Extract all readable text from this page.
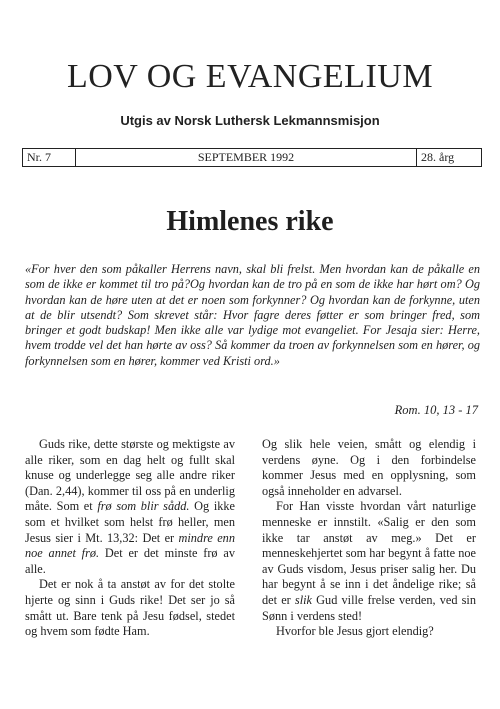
LOV OG EVANGELIUM
Utgis av Norsk Luthersk Lekmannsmisjon
Nr. 7	SEPTEMBER 1992	28. årg
Himlenes rike
«For hver den som påkaller Herrens navn, skal bli frelst. Men hvordan kan de påkalle en som de ikke er kommet til tro på?Og hvordan kan de tro på en som de ikke har hørt om? Og hvordan kan de høre uten at det er noen som forkynner? Og hvordan kan de forkynne, uten at de blir utsendt? Som skrevet står: Hvor fagre deres føtter er som bringer fred, som bringer et godt budskap! Men ikke alle var lydige mot evangeliet. For Jesaja sier: Herre, hvem trodde vel det han hørte av oss? Så kommer da troen av forkynnelsen som en hører, og forkynnelsen som en hører, kommer ved Kristi ord.»
Rom. 10, 13 - 17

Guds rike, dette største og mektigste av alle riker, som en dag helt og fullt skal knuse og underlegge seg alle andre riker (Dan. 2,44), kommer til oss på en underlig måte. Som et frø som blir sådd. Og ikke som et hvilket som helst frø heller, men Jesus sier i Mt. 13,32: Det er mindre enn noe annet frø. Det er det minste frø av alle.

Det er nok å ta anstøt av for det stolte hjerte og sinn i Guds rike! Det ser jo så smått ut. Bare tenk på Jesu fødsel, stedet og hvem som fødte Ham.

Og slik hele veien, smått og elendig i verdens øyne. Og i den forbindelse kommer Jesus med en opplysning, som også inneholder en advarsel.

For Han visste hvordan vårt naturlige menneske er innstilt. «Salig er den som ikke tar anstøt av meg.» Det er menneskehjertet som har begynt å fatte noe av Guds visdom, Jesus priser salig her. Du har begynt å se inn i det åndelige rike; så det er slik Gud ville frelse verden, ved sin Sønn i verdens sted!

Hvorfor ble Jesus gjort elendig?
